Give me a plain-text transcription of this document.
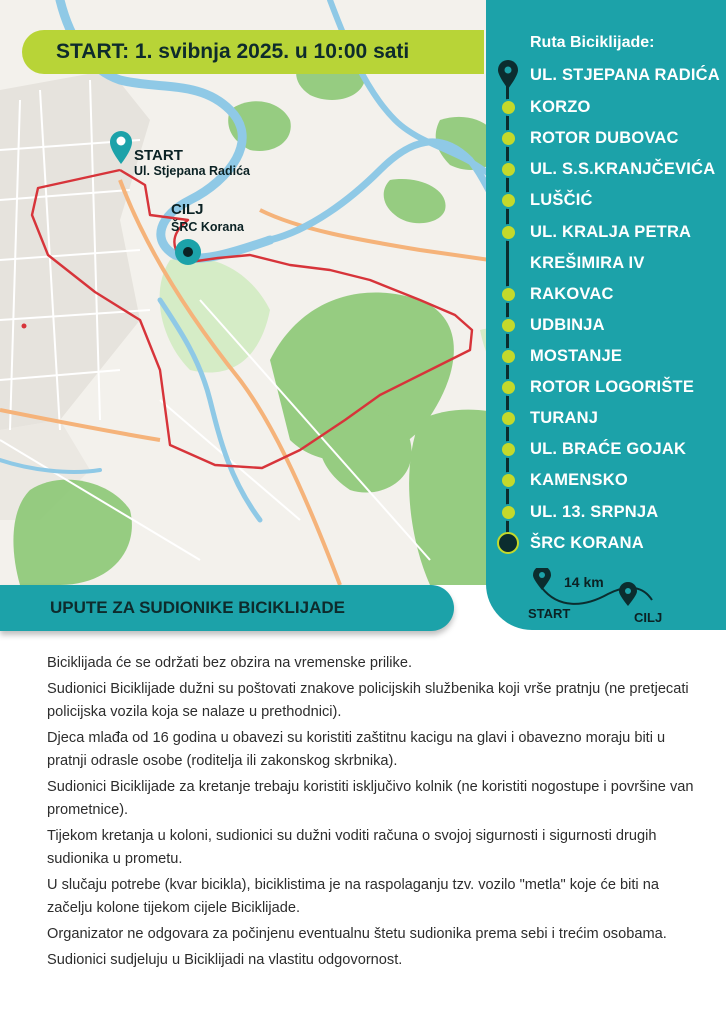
START
Ul. Stjepana Radića
CILJ
ŠRC Korana
START: 1. svibnja 2025. u 10:00 sati	Ruta Biciklijade:
UL. STJEPANA RADIĆA
KORZO
ROTOR DUBOVAC
UL. S.S.KRANJČEVIĆA
LUŠČIĆ
UL. KRALJA PETRA
KREŠIMIRA IV
RAKOVAC
UDBINJA
MOSTANJE
ROTOR LOGORIŠTE
TURANJ
UL. BRAĆE GOJAK
KAMENSKO
UL. 13. SRPNJA
ŠRC KORANA
14 km
START	CILJ
UPUTE ZA SUDIONIKE BICIKLIJADE

Biciklijada će se održati bez obzira na vremenske prilike.

Sudionici Biciklijade dužni su poštovati znakove policijskih službenika koji vrše pratnju (ne pretjecati policijska vozila koja se nalaze u prethodnici).

Djeca mlađa od 16 godina u obavezi su koristiti zaštitnu kacigu na glavi i obavezno moraju biti u pratnji odrasle osobe (roditelja ili zakonskog skrbnika).

Sudionici Biciklijade za kretanje trebaju koristiti isključivo kolnik (ne koristiti nogostupe i površine van prometnice).

Tijekom kretanja u koloni, sudionici su dužni voditi računa o svojoj sigurnosti i sigurnosti drugih sudionika u prometu.

U slučaju potrebe (kvar bicikla), biciklistima je na raspolaganju tzv. vozilo "metla" koje će biti na začelju kolone tijekom cijele Biciklijade.

Organizator ne odgovara za počinjenu eventualnu štetu sudionika prema sebi i trećim osobama.

Sudionici sudjeluju u Biciklijadi na vlastitu odgovornost.
